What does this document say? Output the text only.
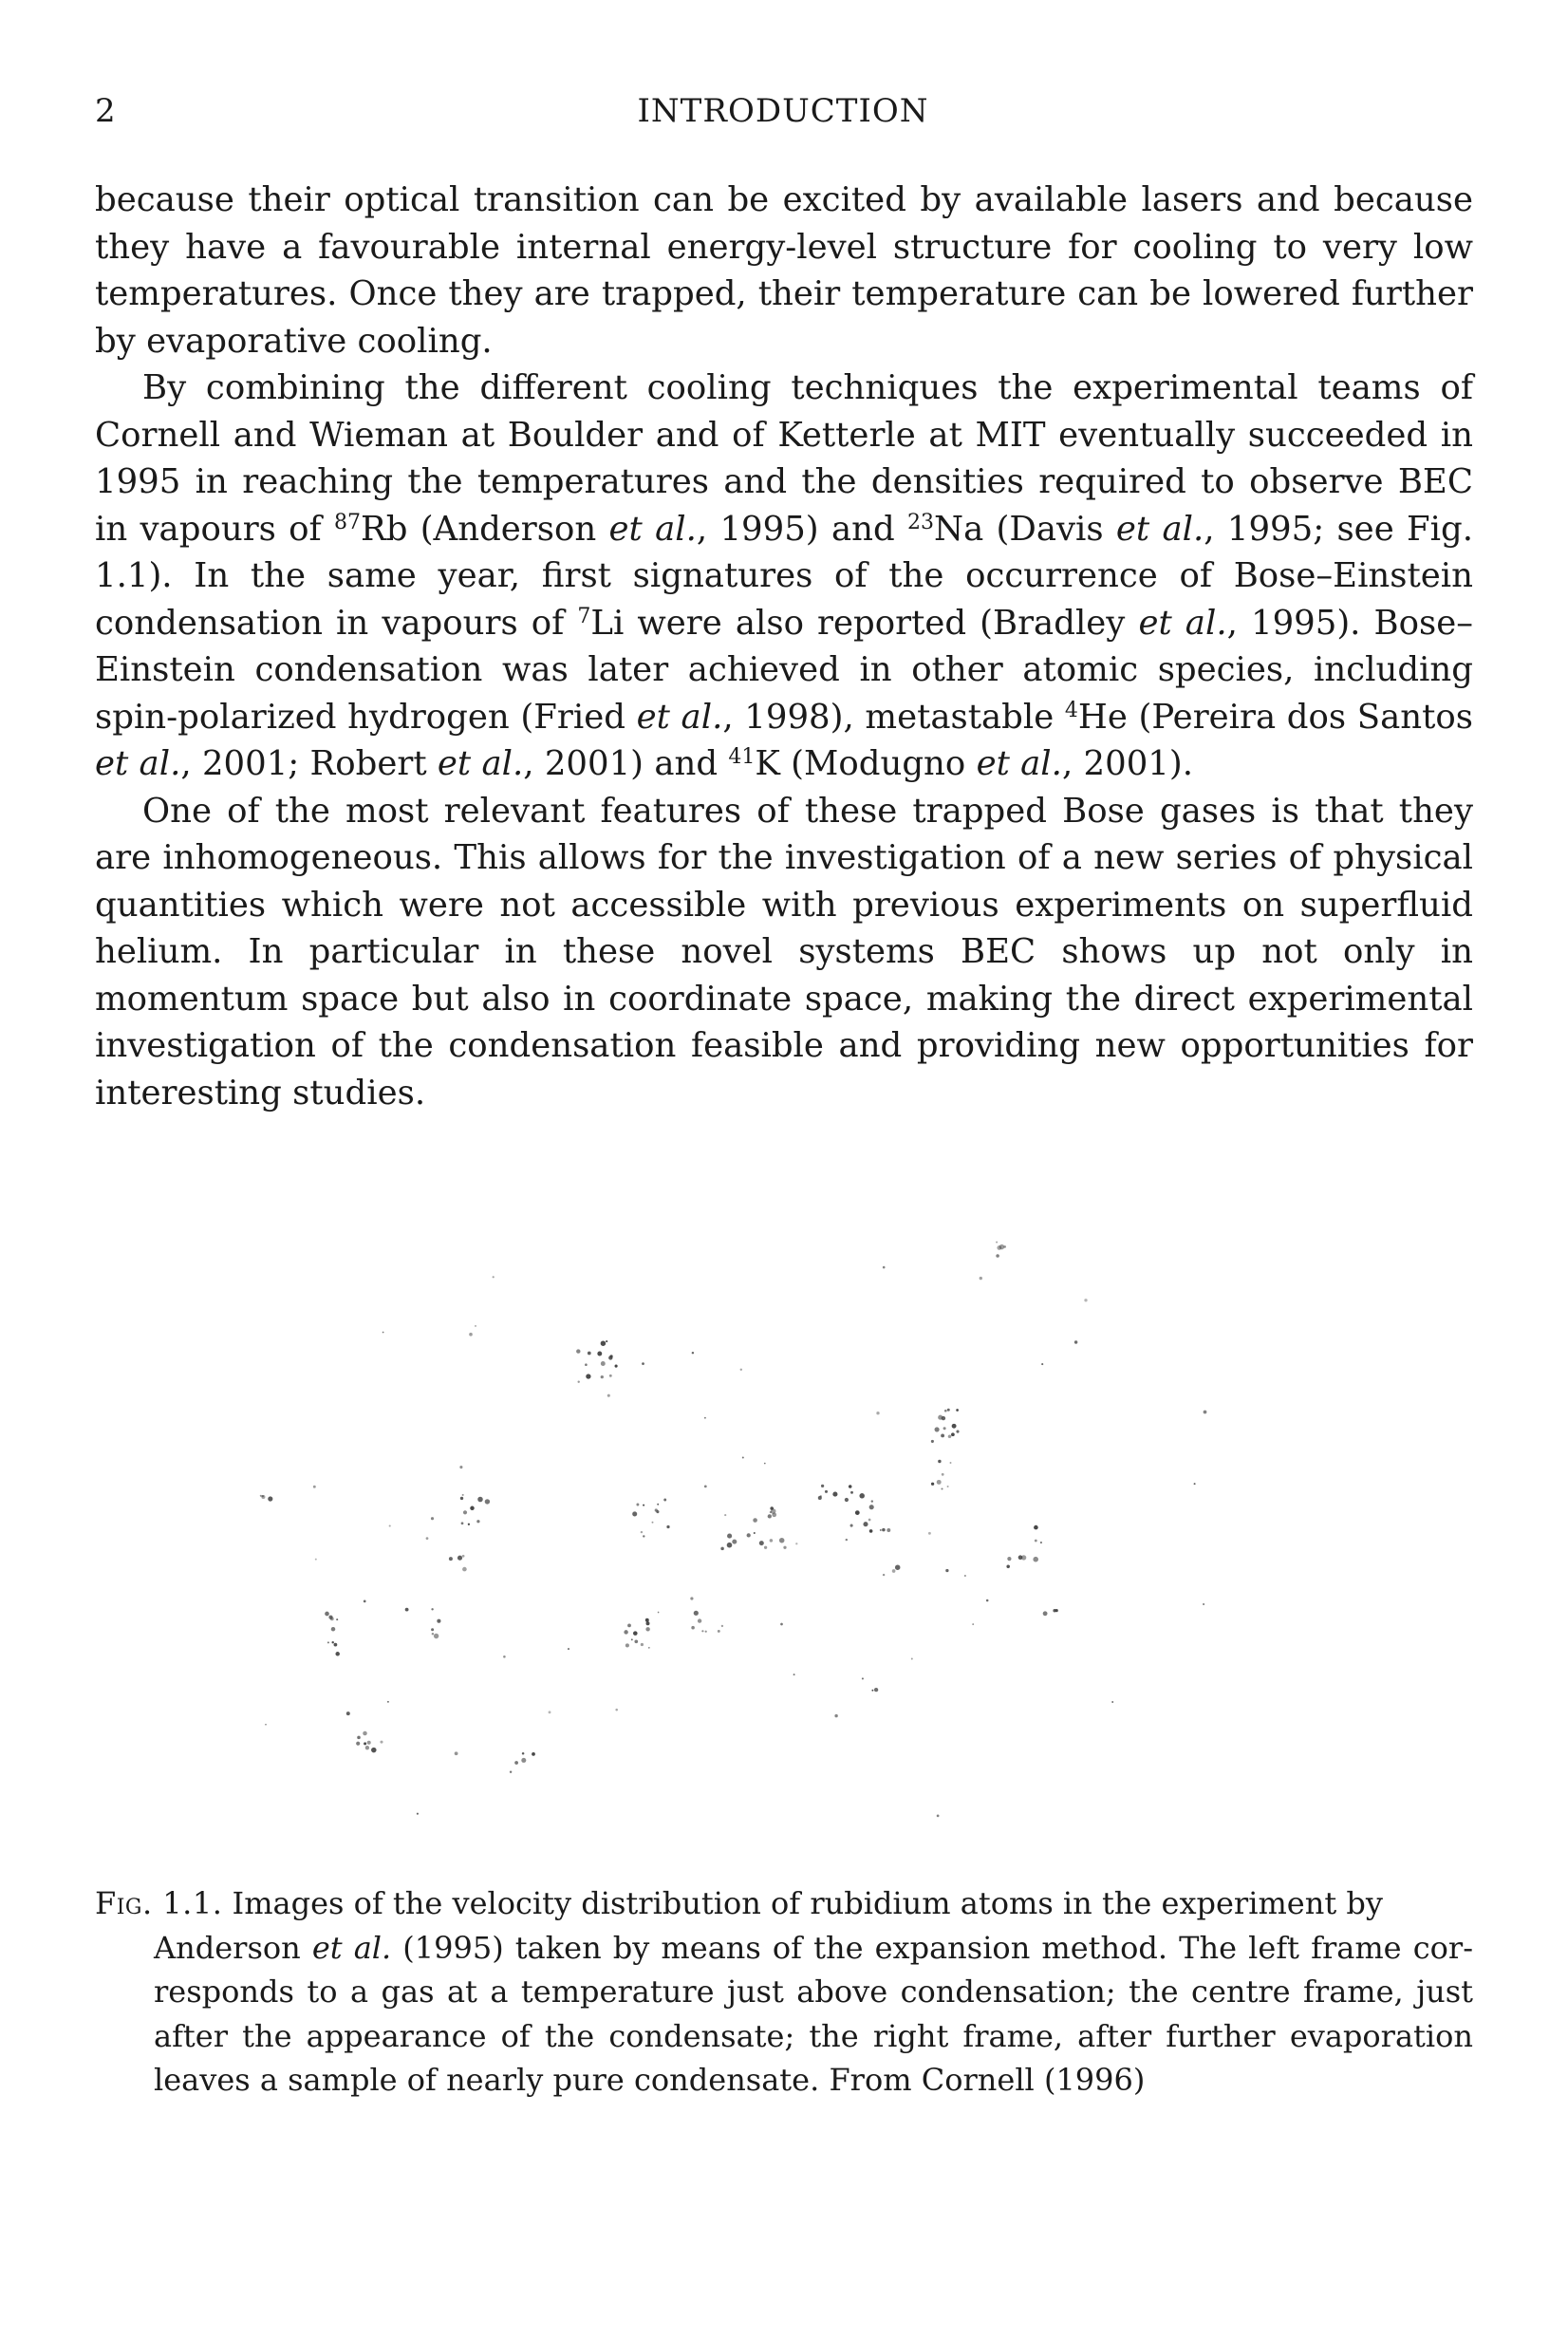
2	INTRODUCTION

because their optical transition can be excited by available lasers and because they have a favourable internal energy-level structure for cooling to very low temperatures. Once they are trapped, their temperature can be lowered further by evaporative cooling.

By combining the different cooling techniques the experimental teams of Cornell and Wieman at Boulder and of Ketterle at MIT eventually succeeded in 1995 in reaching the temperatures and the densities required to observe BEC in vapours of $^{87}$Rb (Anderson et al., 1995) and $^{23}$Na (Davis et al., 1995; see Fig. 1.1). In the same year, first signatures of the occurrence of Bose–Einstein condensation in vapours of $^7$Li were also reported (Bradley et al., 1995). Bose–Einstein condensation was later achieved in other atomic species, including spin-polarized hydrogen (Fried et al., 1998), metastable $^4$He (Pereira dos Santos et al., 2001; Robert et al., 2001) and $^{41}$K (Modugno et al., 2001).

One of the most relevant features of these trapped Bose gases is that they are inhomogeneous. This allows for the investigation of a new series of physical quantities which were not accessible with previous experiments on superfluid helium. In particular in these novel systems BEC shows up not only in momentum space but also in coordinate space, making the direct experimental investigation of the condensation feasible and providing new opportunities for interesting studies.

Fig. 1.1. Images of the velocity distribution of rubidium atoms in the experiment by
Anderson et al. (1995) taken by means of the expansion method. The left frame corresponds to a gas at a temperature just above condensation; the centre frame, just after the appearance of the condensate; the right frame, after further evaporation leaves a sample of nearly pure condensate. From Cornell (1996)
